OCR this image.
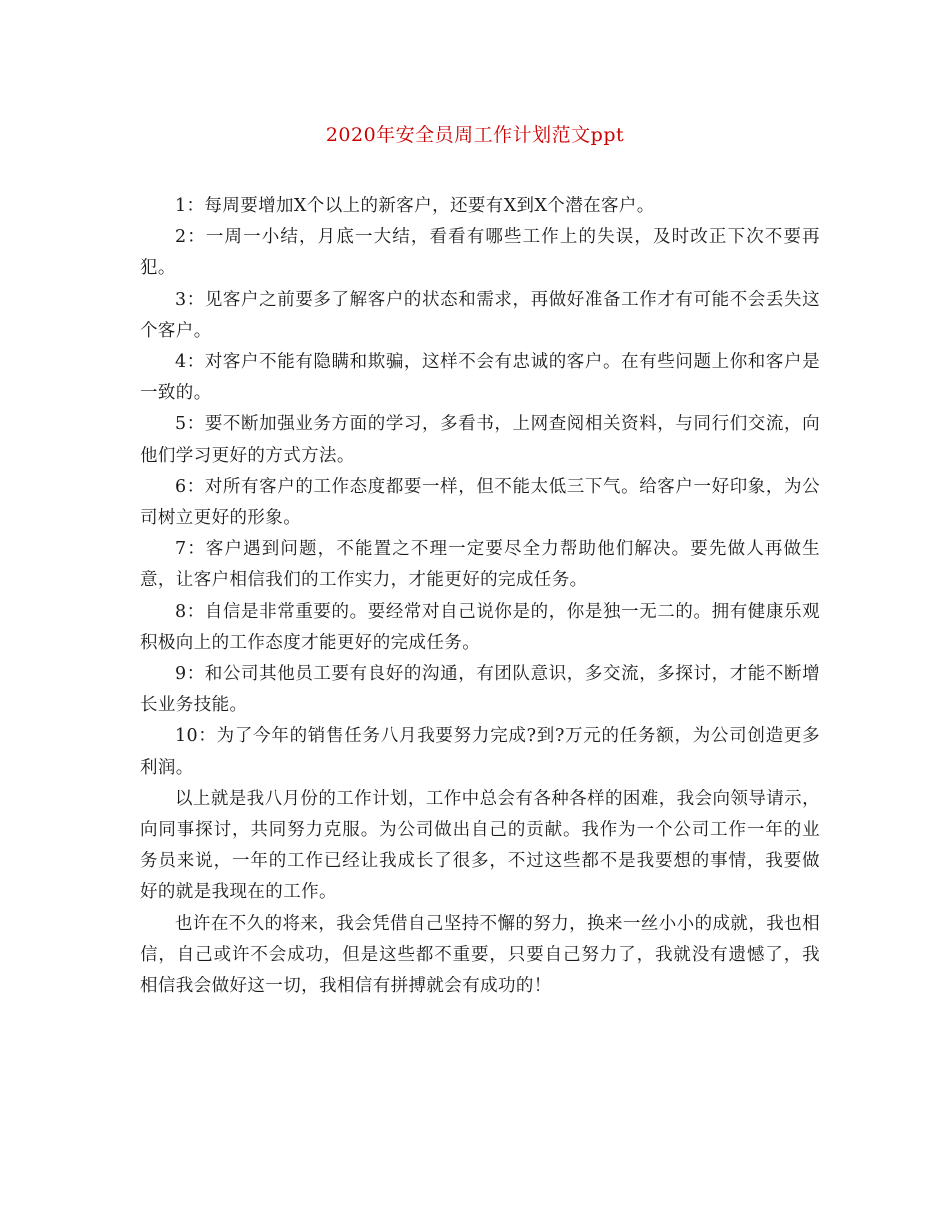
2020年安全员周工作计划范文ppt

1：每周要增加X个以上的新客户，还要有X到X个潜在客户。

2：一周一小结，月底一大结，看看有哪些工作上的失误，及时改正下次不要再犯。

3：见客户之前要多了解客户的状态和需求，再做好准备工作才有可能不会丢失这个客户。

4：对客户不能有隐瞒和欺骗，这样不会有忠诚的客户。在有些问题上你和客户是一致的。

5：要不断加强业务方面的学习，多看书，上网查阅相关资料，与同行们交流，向他们学习更好的方式方法。

6：对所有客户的工作态度都要一样，但不能太低三下气。给客户一好印象，为公司树立更好的形象。

7：客户遇到问题，不能置之不理一定要尽全力帮助他们解决。要先做人再做生意，让客户相信我们的工作实力，才能更好的完成任务。

8：自信是非常重要的。要经常对自己说你是的，你是独一无二的。拥有健康乐观积极向上的工作态度才能更好的完成任务。

9：和公司其他员工要有良好的沟通，有团队意识，多交流，多探讨，才能不断增长业务技能。

10：为了今年的销售任务八月我要努力完成?到?万元的任务额，为公司创造更多利润。

以上就是我八月份的工作计划，工作中总会有各种各样的困难，我会向领导请示，向同事探讨，共同努力克服。为公司做出自己的贡献。我作为一个公司工作一年的业务员来说，一年的工作已经让我成长了很多，不过这些都不是我要想的事情，我要做好的就是我现在的工作。

也许在不久的将来，我会凭借自己坚持不懈的努力，换来一丝小小的成就，我也相信，自己或许不会成功，但是这些都不重要，只要自己努力了，我就没有遗憾了，我相信我会做好这一切，我相信有拼搏就会有成功的！
